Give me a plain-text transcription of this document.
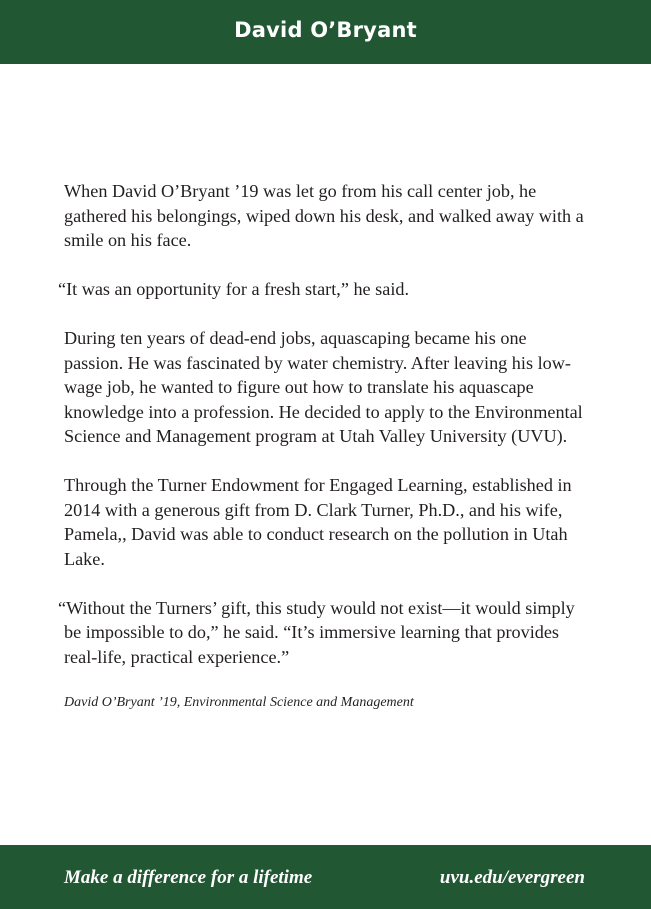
David O’Bryant

When David O’Bryant ’19 was let go from his call center job, he gathered his belongings, wiped down his desk, and walked away with a smile on his face.

“It was an opportunity for a fresh start,” he said.

During ten years of dead-end jobs, aquascaping became his one passion. He was fascinated by water chemistry. After leaving his low-wage job, he wanted to figure out how to translate his aquascape knowledge into a profession. He decided to apply to the Environmental Science and Management program at Utah Valley University (UVU).

Through the Turner Endowment for Engaged Learning, established in 2014 with a generous gift from D. Clark Turner, Ph.D., and his wife, Pamela,, David was able to conduct research on the pollution in Utah Lake.

“Without the Turners’ gift, this study would not exist—it would simply be impossible to do,” he said. “It’s immersive learning that provides real-life, practical experience.”

David O’Bryant ’19, Environmental Science and Management

Make a difference for a lifetime	uvu.edu/evergreen
